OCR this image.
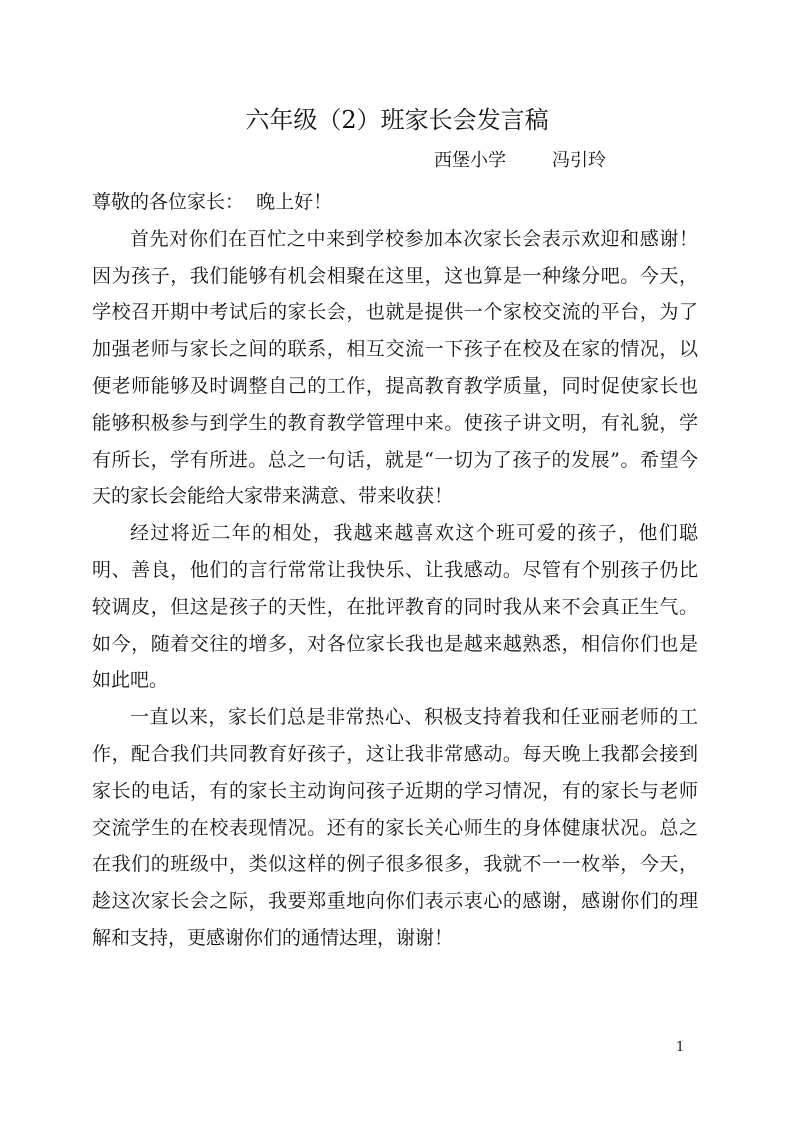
六年级（2）班家长会发言稿
西堡小学	冯引玲

尊敬的各位家长：  晚上好！

首先对你们在百忙之中来到学校参加本次家长会表示欢迎和感谢！因为孩子，我们能够有机会相聚在这里，这也算是一种缘分吧。今天，学校召开期中考试后的家长会，也就是提供一个家校交流的平台，为了加强老师与家长之间的联系，相互交流一下孩子在校及在家的情况，以便老师能够及时调整自己的工作，提高教育教学质量，同时促使家长也能够积极参与到学生的教育教学管理中来。使孩子讲文明，有礼貌，学有所长，学有所进。总之一句话，就是“一切为了孩子的发展”。希望今天的家长会能给大家带来满意、带来收获！

经过将近二年的相处，我越来越喜欢这个班可爱的孩子，他们聪明、善良，他们的言行常常让我快乐、让我感动。尽管有个别孩子仍比较调皮，但这是孩子的天性，在批评教育的同时我从来不会真正生气。如今，随着交往的增多，对各位家长我也是越来越熟悉，相信你们也是如此吧。

一直以来，家长们总是非常热心、积极支持着我和任亚丽老师的工作，配合我们共同教育好孩子，这让我非常感动。每天晚上我都会接到家长的电话，有的家长主动询问孩子近期的学习情况，有的家长与老师交流学生的在校表现情况。还有的家长关心师生的身体健康状况。总之在我们的班级中，类似这样的例子很多很多，我就不一一枚举，今天，趁这次家长会之际，我要郑重地向你们表示衷心的感谢，感谢你们的理解和支持，更感谢你们的通情达理，谢谢！

1
